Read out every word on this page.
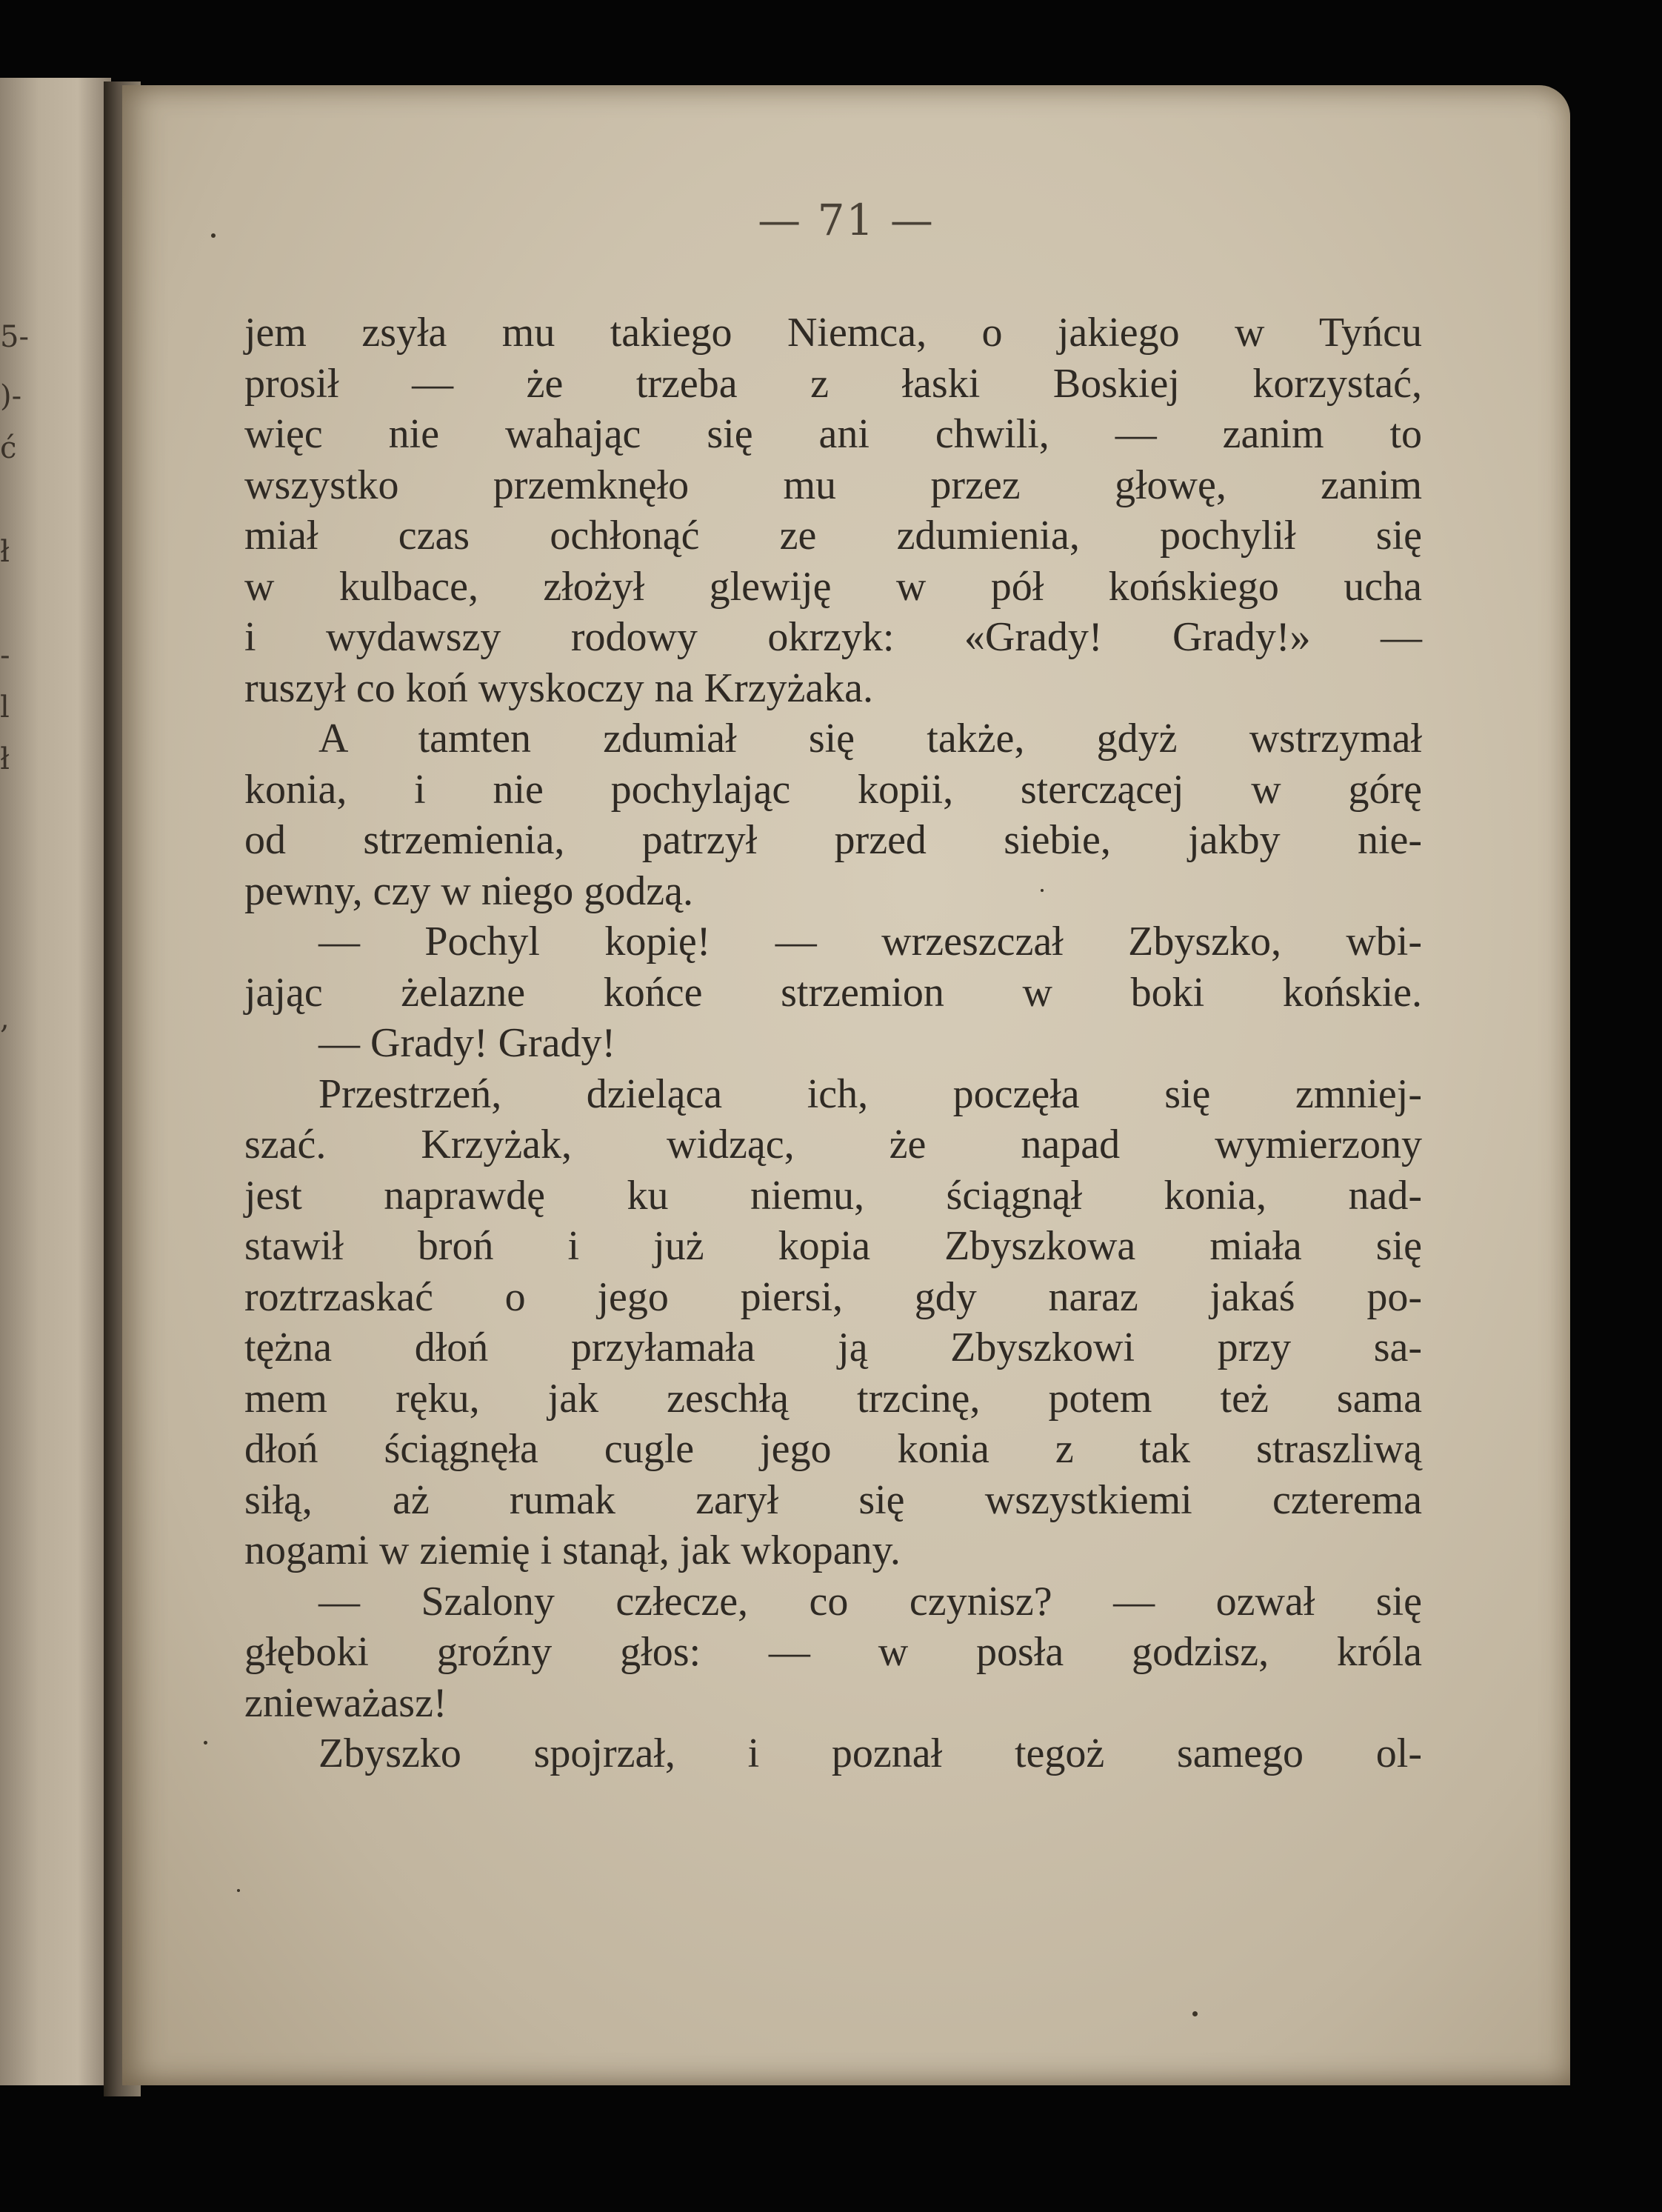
5-
)-
ć
ł
-
l
ł
,
— 71 —
jem zsyła mu takiego Niemca, o jakiego w Tyńcu
prosił — że trzeba z łaski Boskiej korzystać,
więc nie wahając się ani chwili, — zanim to
wszystko przemknęło mu przez głowę, zanim
miał czas ochłonąć ze zdumienia, pochylił się
w kulbace, złożył glewiję w pół końskiego ucha
i wydawszy rodowy okrzyk: «Grady! Grady!» —
ruszył co koń wyskoczy na Krzyżaka.
A tamten zdumiał się także, gdyż wstrzymał
konia, i nie pochylając kopii, sterczącej w górę
od strzemienia, patrzył przed siebie, jakby nie-
pewny, czy w niego godzą.
— Pochyl kopię! — wrzeszczał Zbyszko, wbi-
jając żelazne końce strzemion w boki końskie.
— Grady! Grady!
Przestrzeń, dzieląca ich, poczęła się zmniej-
szać. Krzyżak, widząc, że napad wymierzony
jest naprawdę ku niemu, ściągnął konia, nad-
stawił broń i już kopia Zbyszkowa miała się
roztrzaskać o jego piersi, gdy naraz jakaś po-
tężna dłoń przyłamała ją Zbyszkowi przy sa-
mem ręku, jak zeschłą trzcinę, potem też sama
dłoń ściągnęła cugle jego konia z tak straszliwą
siłą, aż rumak zarył się wszystkiemi czterema
nogami w ziemię i stanął, jak wkopany.
— Szalony człecze, co czynisz? — ozwał się
głęboki groźny głos: — w posła godzisz, króla
znieważasz!
Zbyszko spojrzał, i poznał tegoż samego ol-
